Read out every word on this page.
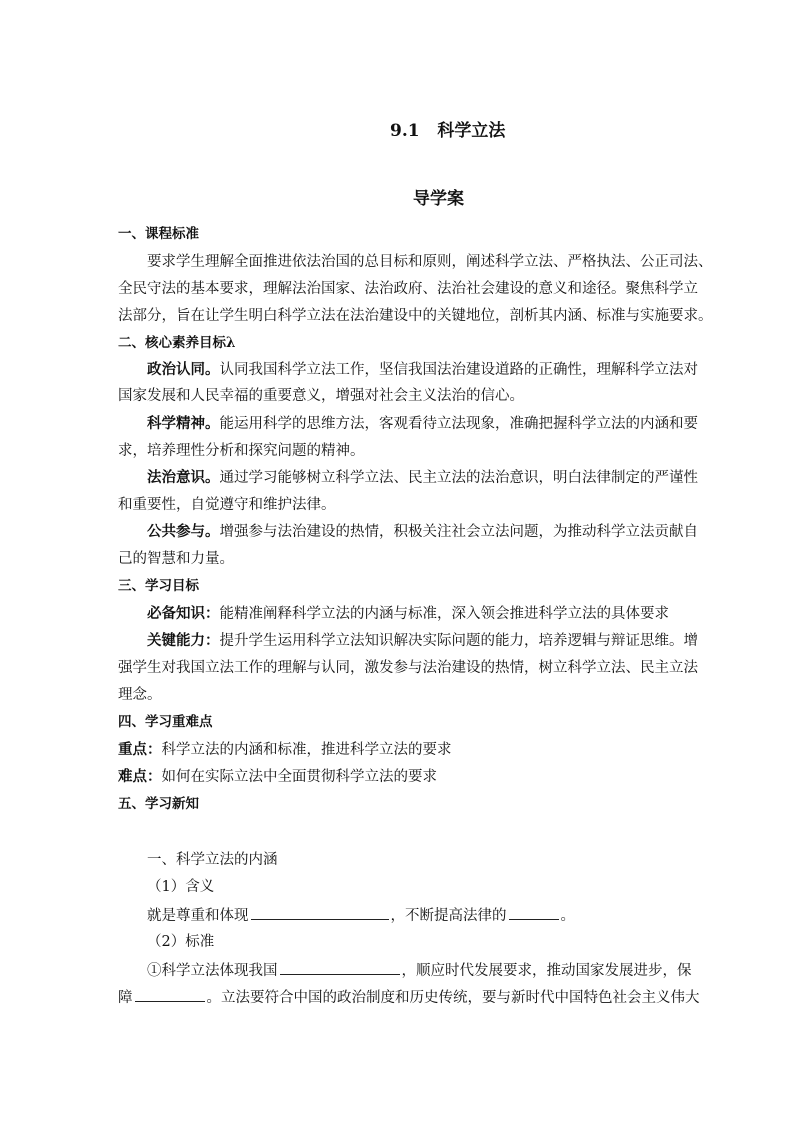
9.1   科学立法
导学案
一、课程标准
要求学生理解全面推进依法治国的总目标和原则，阐述科学立法、严格执法、公正司法、
全民守法的基本要求，理解法治国家、法治政府、法治社会建设的意义和途径。聚焦科学立
法部分，旨在让学生明白科学立法在法治建设中的关键地位，剖析其内涵、标准与实施要求。
二、核心素养目标λ
政治认同。认同我国科学立法工作，坚信我国法治建设道路的正确性，理解科学立法对
国家发展和人民幸福的重要意义，增强对社会主义法治的信心。
科学精神。能运用科学的思维方法，客观看待立法现象，准确把握科学立法的内涵和要
求，培养理性分析和探究问题的精神。
法治意识。通过学习能够树立科学立法、民主立法的法治意识，明白法律制定的严谨性
和重要性，自觉遵守和维护法律。
公共参与。增强参与法治建设的热情，积极关注社会立法问题，为推动科学立法贡献自
己的智慧和力量。
三、学习目标
必备知识：能精准阐释科学立法的内涵与标准，深入领会推进科学立法的具体要求
关键能力：提升学生运用科学立法知识解决实际问题的能力，培养逻辑与辩证思维。增
强学生对我国立法工作的理解与认同，激发参与法治建设的热情，树立科学立法、民主立法
理念。
四、学习重难点
重点：科学立法的内涵和标准，推进科学立法的要求
难点：如何在实际立法中全面贯彻科学立法的要求
五、学习新知
一、科学立法的内涵
（1）含义
就是尊重和体现	，不断提高法律的	。
（2）标准
①科学立法体现我国	，顺应时代发展要求，推动国家发展进步，保
障	。立法要符合中国的政治制度和历史传统，要与新时代中国特色社会主义伟大
